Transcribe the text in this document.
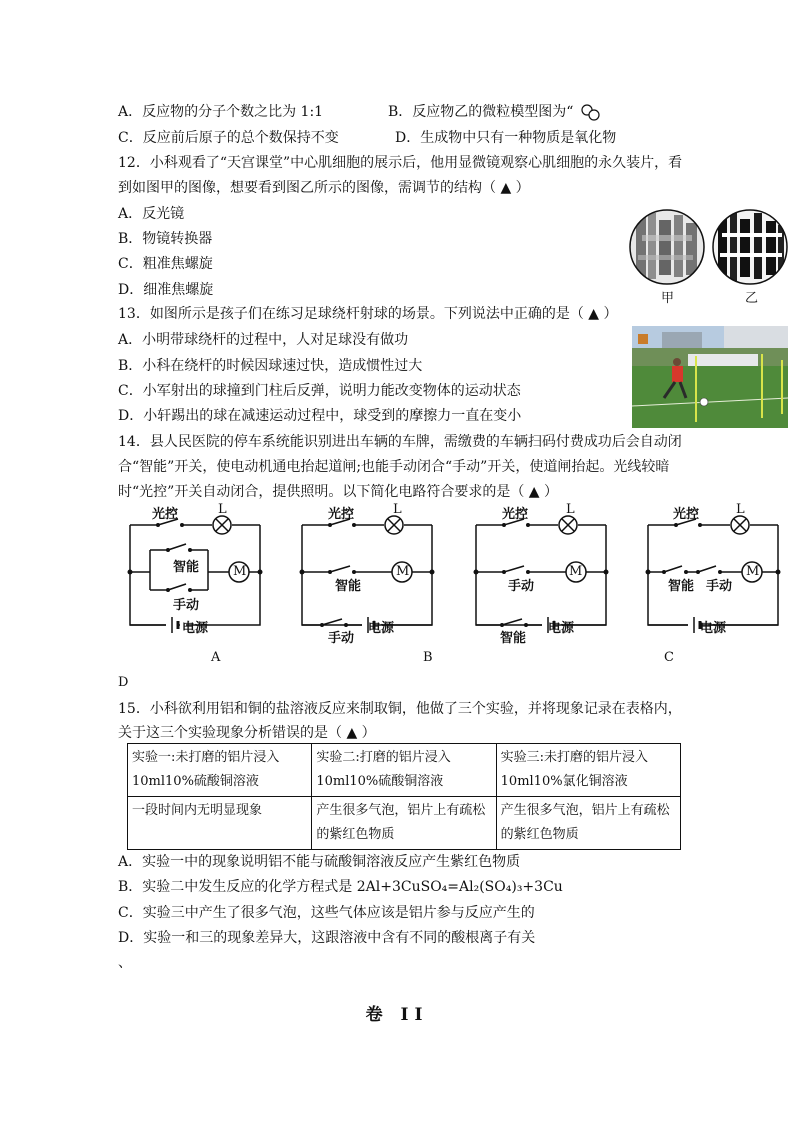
A．反应物的分子个数之比为 1:1	B．反应物乙的微粒模型图为“
C．反应前后原子的总个数保持不变	D．生成物中只有一种物质是氧化物
12．小科观看了“天宫课堂”中心肌细胞的展示后，他用显微镜观察心肌细胞的永久装片，看
到如图甲的图像，想要看到图乙所示的图像，需调节的结构（ ▲ ）
A．反光镜
B．物镜转换器
C．粗准焦螺旋
D．细准焦螺旋
甲	乙
13．如图所示是孩子们在练习足球绕杆射球的场景。下列说法中正确的是（ ▲ ）
A．小明带球绕杆的过程中，人对足球没有做功
B．小科在绕杆的时候因球速过快，造成惯性过大
C．小军射出的球撞到门柱后反弹，说明力能改变物体的运动状态
D．小轩踢出的球在减速运动过程中，球受到的摩擦力一直在变小
14．县人民医院的停车系统能识别进出车辆的车牌，需缴费的车辆扫码付费成功后会自动闭
合“智能”开关，使电动机通电抬起道闸;也能手动闭合“手动”开关，使道闸抬起。光线较暗
时“光控”开关自动闭合，提供照明。以下简化电路符合要求的是（ ▲ ）
光控	L
智能
手动
M
电源
A
光控	L
智能
M
手动
电源
B
光控	L
手动
M
智能
电源
光控	L
智能 手动
M
电源
C
D
15．小科欲利用铝和铜的盐溶液反应来制取铜，他做了三个实验，并将现象记录在表格内，
关于这三个实验现象分析错误的是（ ▲ ）
实验一:未打磨的铝片浸入10ml10%硫酸铜溶液	实验二:打磨的铝片浸入10ml10%硫酸铜溶液	实验三:未打磨的铝片浸入10ml10%氯化铜溶液
一段时间内无明显现象	产生很多气泡，铝片上有疏松的紫红色物质	产生很多气泡，铝片上有疏松的紫红色物质
A．实验一中的现象说明铝不能与硫酸铜溶液反应产生紫红色物质
B．实验二中发生反应的化学方程式是 2Al+3CuSO₄=Al₂(SO₄)₃+3Cu
C．实验三中产生了很多气泡，这些气体应该是铝片参与反应产生的
D．实验一和三的现象差异大，这跟溶液中含有不同的酸根离子有关
、
卷 II
